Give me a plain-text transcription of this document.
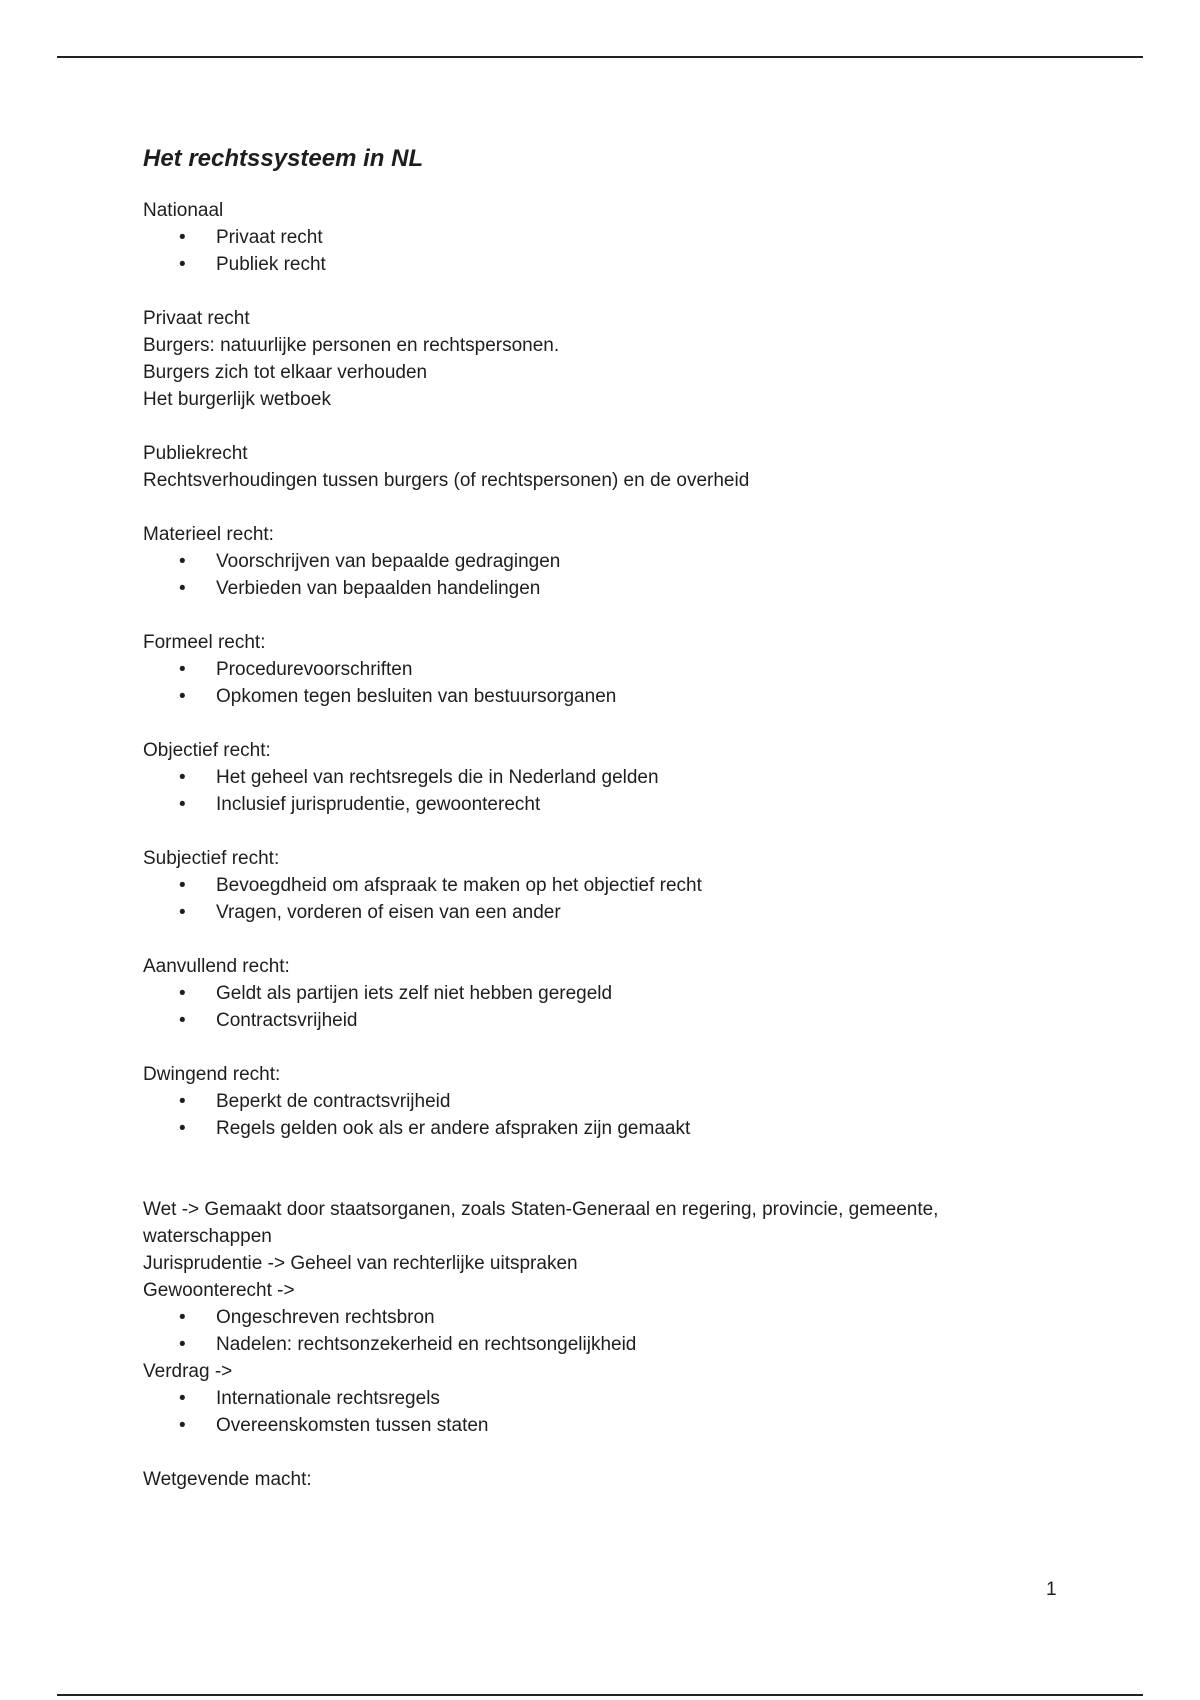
Het rechtssysteem in NL

Nationaal

• Privaat recht
• Publiek recht

Privaat recht

Burgers: natuurlijke personen en rechtspersonen.

Burgers zich tot elkaar verhouden

Het burgerlijk wetboek

Publiekrecht

Rechtsverhoudingen tussen burgers (of rechtspersonen) en de overheid

Materieel recht:

• Voorschrijven van bepaalde gedragingen
• Verbieden van bepaalden handelingen

Formeel recht:

• Procedurevoorschriften
• Opkomen tegen besluiten van bestuursorganen

Objectief recht:

• Het geheel van rechtsregels die in Nederland gelden
• Inclusief jurisprudentie, gewoonterecht

Subjectief recht:

• Bevoegdheid om afspraak te maken op het objectief recht
• Vragen, vorderen of eisen van een ander

Aanvullend recht:

• Geldt als partijen iets zelf niet hebben geregeld
• Contractsvrijheid

Dwingend recht:

• Beperkt de contractsvrijheid
• Regels gelden ook als er andere afspraken zijn gemaakt

Wet -> Gemaakt door staatsorganen, zoals Staten-Generaal en regering, provincie, gemeente, waterschappen

Jurisprudentie -> Geheel van rechterlijke uitspraken

Gewoonterecht ->

• Ongeschreven rechtsbron
• Nadelen: rechtsonzekerheid en rechtsongelijkheid

Verdrag ->

• Internationale rechtsregels
• Overeenskomsten tussen staten

Wetgevende macht:

1
